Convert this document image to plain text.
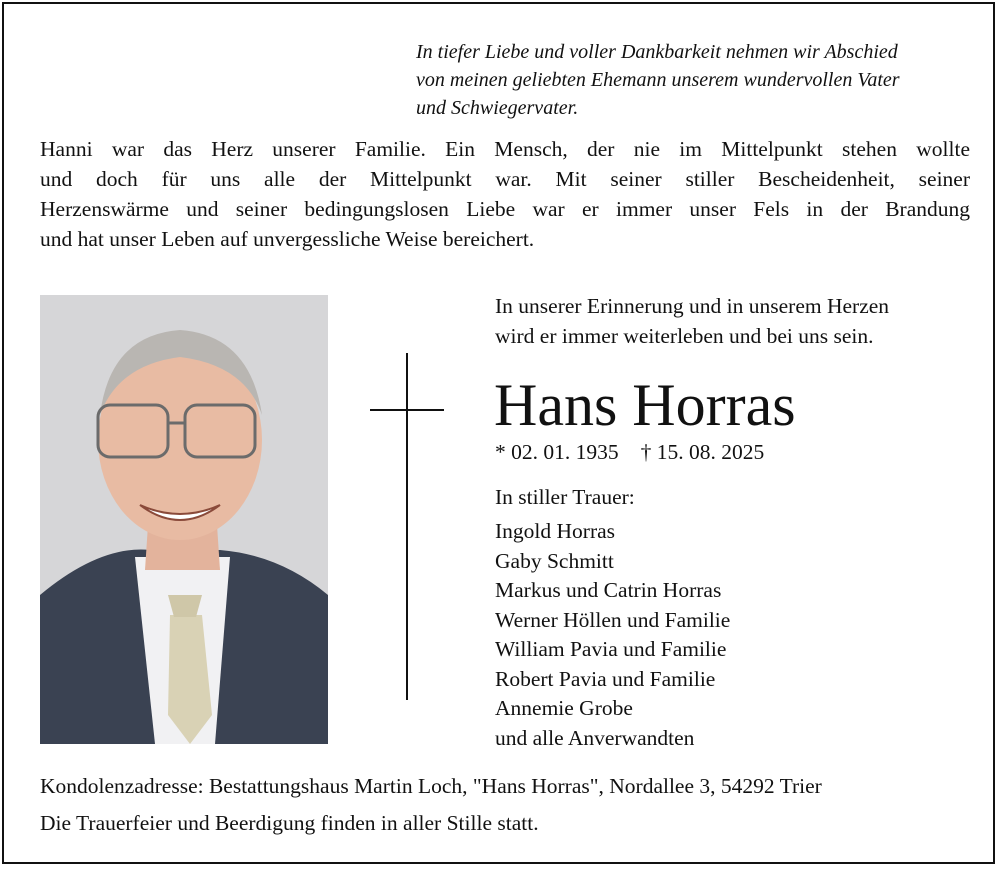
In tiefer Liebe und voller Dankbarkeit nehmen wir Abschied
von meinen geliebten Ehemann unserem wundervollen Vater
und Schwiegervater.
Hanni war das Herz unserer Familie. Ein Mensch, der nie im Mittelpunkt stehen wollte
und doch für uns alle der Mittelpunkt war. Mit seiner stiller Bescheidenheit, seiner
Herzenswärme und seiner bedingungslosen Liebe war er immer unser Fels in der Brandung
und hat unser Leben auf unvergessliche Weise bereichert.
In unserer Erinnerung und in unserem Herzen
wird er immer weiterleben und bei uns sein.
Hans Horras
* 02. 01. 1935 † 15. 08. 2025
In stiller Trauer:
Ingold Horras
Gaby Schmitt
Markus und Catrin Horras
Werner Höllen und Familie
William Pavia und Familie
Robert Pavia und Familie
Annemie Grobe
und alle Anverwandten
Kondolenzadresse: Bestattungshaus Martin Loch, "Hans Horras", Nordallee 3, 54292 Trier
Die Trauerfeier und Beerdigung finden in aller Stille statt.
